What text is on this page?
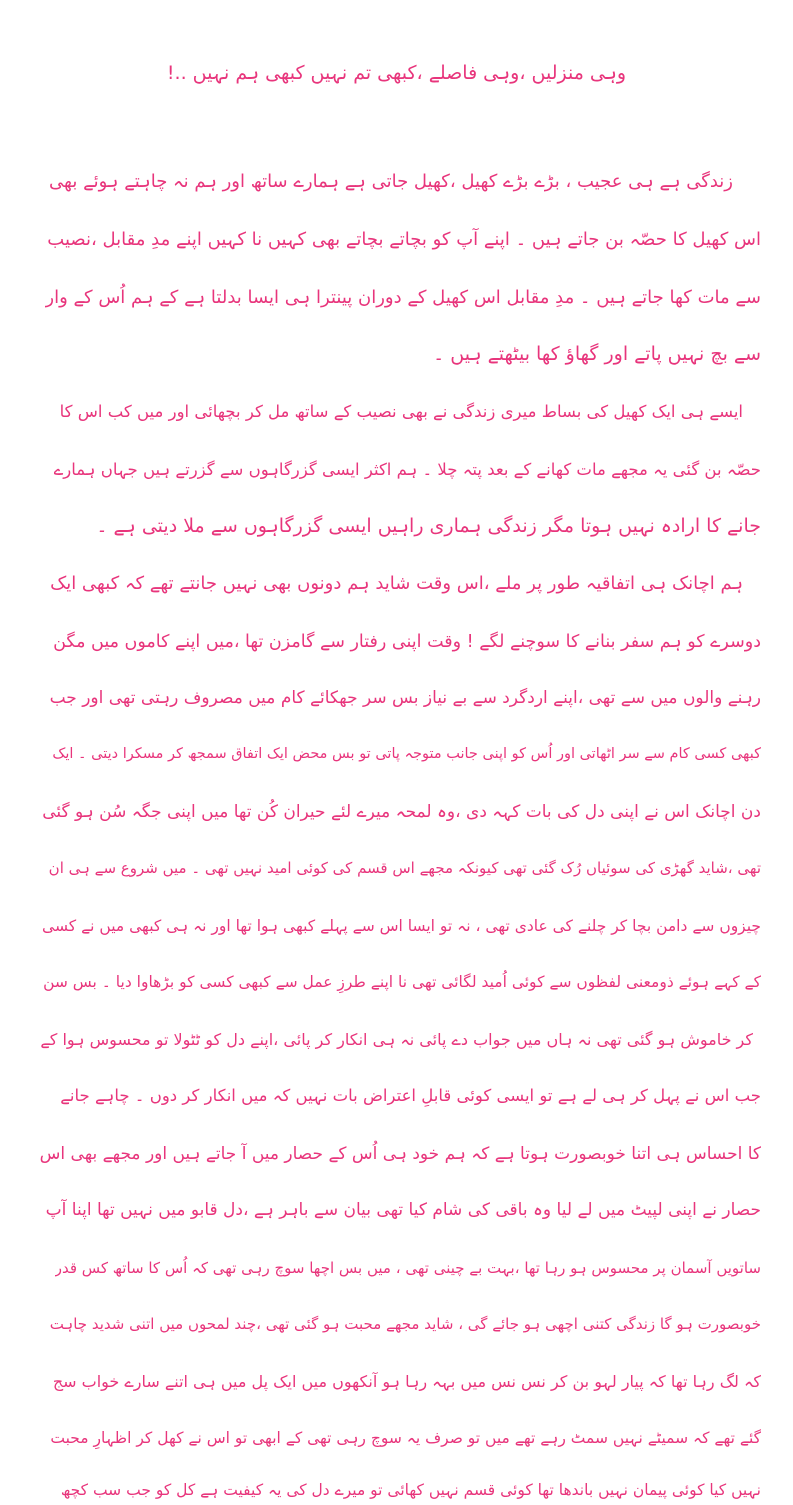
وہی منزلیں ،وہی فاصلے ،کبھی تم نہیں کبھی ہم نہیں ..!
زندگی ہے ہی عجیب ، بڑے بڑے کھیل ،کھیل جاتی ہے ہمارے ساتھ اور ہم نہ چاہتے ہوئے بھی
اس کھیل کا حصّہ بن جاتے ہیں ۔ اپنے آپ کو بچاتے بچاتے بھی کہیں نا کہیں اپنے مدِ مقابل ،نصیب
سے مات کھا جاتے ہیں ۔ مدِ مقابل اس کھیل کے دوران پینترا ہی ایسا بدلتا ہے کے ہم اُس کے وار
سے بچ نہیں پاتے اور گھاؤ کھا بیٹھتے ہیں ۔
ایسے ہی ایک کھیل کی بساط میری زندگی نے بھی نصیب کے ساتھ مل کر بچھائی اور میں کب اس کا
حصّہ بن گئی یہ مجھے مات کھانے کے بعد پتہ چلا ۔ ہم اکثر ایسی گزرگاہوں سے گزرتے ہیں جہاں ہمارے
جانے کا ارادہ نہیں ہوتا مگر زندگی ہماری راہیں ایسی گزرگاہوں سے ملا دیتی ہے ۔
ہم اچانک ہی اتفاقیہ طور پر ملے ،اس وقت شاید ہم دونوں بھی نہیں جانتے تھے کہ کبھی ایک
دوسرے کو ہم سفر بنانے کا سوچنے لگے ! وقت اپنی رفتار سے گامزن تھا ،میں اپنے کاموں میں مگن
رہنے والوں میں سے تھی ،اپنے اردگرد سے بے نیاز بس سر جھکائے کام میں مصروف رہتی تھی اور جب
کبھی کسی کام سے سر اٹھاتی اور اُس کو اپنی جانب متوجہ پاتی تو بس محض ایک اتفاق سمجھ کر مسکرا دیتی ۔ ایک
دن اچانک اس نے اپنی دل کی بات کہہ دی ،وہ لمحہ میرے لئے حیران کُن تھا میں اپنی جگہ سُن ہو گئی
تھی ،شاید گھڑی کی سوئیاں رُک گئی تھی کیونکہ مجھے اس قسم کی کوئی امید نہیں تھی ۔ میں شروع سے ہی ان
چیزوں سے دامن بچا کر چلنے کی عادی تھی ، نہ تو ایسا اس سے پہلے کبھی ہوا تھا اور نہ ہی کبھی میں نے کسی
کے کہے ہوئے ذومعنی لفظوں سے کوئی اُمید لگائی تھی نا اپنے طرزِ عمل سے کبھی کسی کو بڑھاوا دیا ۔ بس سن
کر خاموش ہو گئی تھی نہ ہاں میں جواب دے پائی نہ ہی انکار کر پائی ،اپنے دل کو ٹٹولا تو محسوس ہوا کے
جب اس نے پہل کر ہی لے ہے تو ایسی کوئی قابلِ اعتراض بات نہیں کہ میں انکار کر دوں ۔ چاہے جانے
کا احساس ہی اتنا خوبصورت ہوتا ہے کہ ہم خود ہی اُس کے حصار میں آ جاتے ہیں اور مجھے بھی اس
حصار نے اپنی لپیٹ میں لے لیا وہ باقی کی شام کیا تھی بیان سے باہر ہے ،دل قابو میں نہیں تھا اپنا آپ
ساتویں آسمان پر محسوس ہو رہا تھا ،بہت بے چینی تھی ، میں بس اچھا سوچ رہی تھی کہ اُس کا ساتھ کس قدر
خوبصورت ہو گا زندگی کتنی اچھی ہو جائے گی ، شاید مجھے محبت ہو گئی تھی ،چند لمحوں میں اتنی شدید چاہت
کہ لگ رہا تھا کہ پیار لہو بن کر نس نس میں بہہ رہا ہو آنکھوں میں ایک پل میں ہی اتنے سارے خواب سج
گئے تھے کہ سمیٹے نہیں سمٹ رہے تھے میں تو صرف یہ سوچ رہی تھی کے ابھی تو اس نے کھل کر اظہارِ محبت
نہیں کیا کوئی پیمان نہیں باندھا تھا کوئی قسم نہیں کھائی تو میرے دل کی یہ کیفیت ہے کل کو جب سب کچھ
